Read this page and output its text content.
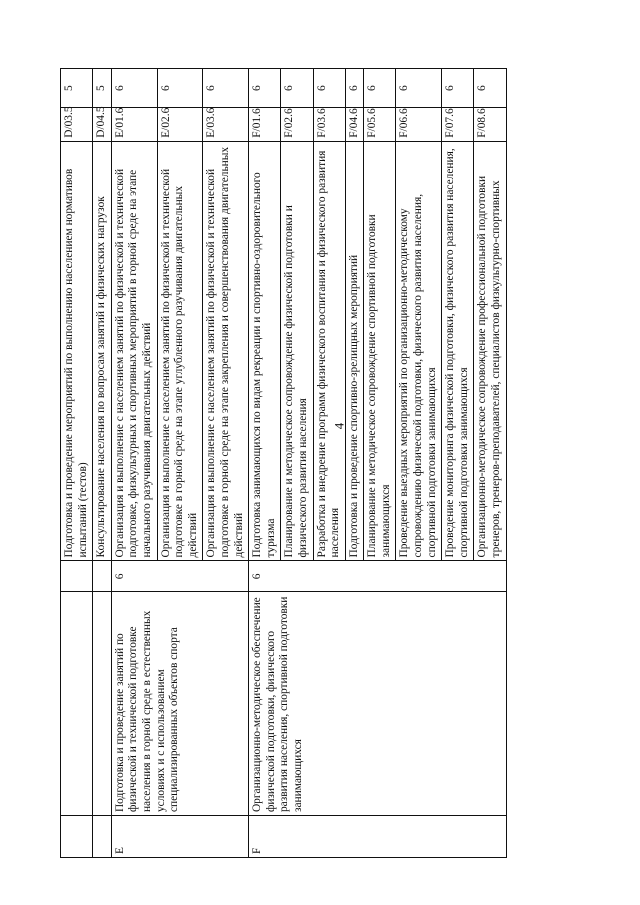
4
			Подготовка и проведение мероприятий по выполнению населением нормативов испытаний (тестов)	D/03.5	5
			Консультирование населения по вопросам занятий и физических нагрузок	D/04.5	5
E	Подготовка и проведение занятий по физической и технической подготовке населения в горной среде в естественных условиях и с использованием специализированных объектов спорта	6	Организация и выполнение с населением занятий по физической и технической подготовке, физкультурных и спортивных мероприятий в горной среде на этапе начального разучивания двигательных действий	E/01.6	6
			Организация и выполнение с населением занятий по физической и технической подготовке в горной среде на этапе углубленного разучивания двигательных действий	E/02.6	6
			Организация и выполнение с населением занятий по физической и технической подготовке в горной среде на этапе закрепления и совершенствования двигательных действий	E/03.6	6
F	Организационно-методическое обеспечение физической подготовки, физического развития населения, спортивной подготовки занимающихся	6	Подготовка занимающихся по видам рекреации и спортивно-оздоровительного туризма	F/01.6	6
			Планирование и методическое сопровождение физической подготовки и физического развития населения	F/02.6	6
			Разработка и внедрение программ физического воспитания и физического развития населения	F/03.6	6
			Подготовка и проведение спортивно-зрелищных мероприятий	F/04.6	6
			Планирование и методическое сопровождение спортивной подготовки занимающихся	F/05.6	6
			Проведение выездных мероприятий по организационно-методическому сопровождению физической подготовки, физического развития населения, спортивной подготовки занимающихся	F/06.6	6
			Проведение мониторинга физической подготовки, физического развития населения, спортивной подготовки занимающихся	F/07.6	6
			Организационно-методическое сопровождение профессиональной подготовки тренеров, тренеров-преподавателей, специалистов физкультурно-спортивных	F/08.6	6
